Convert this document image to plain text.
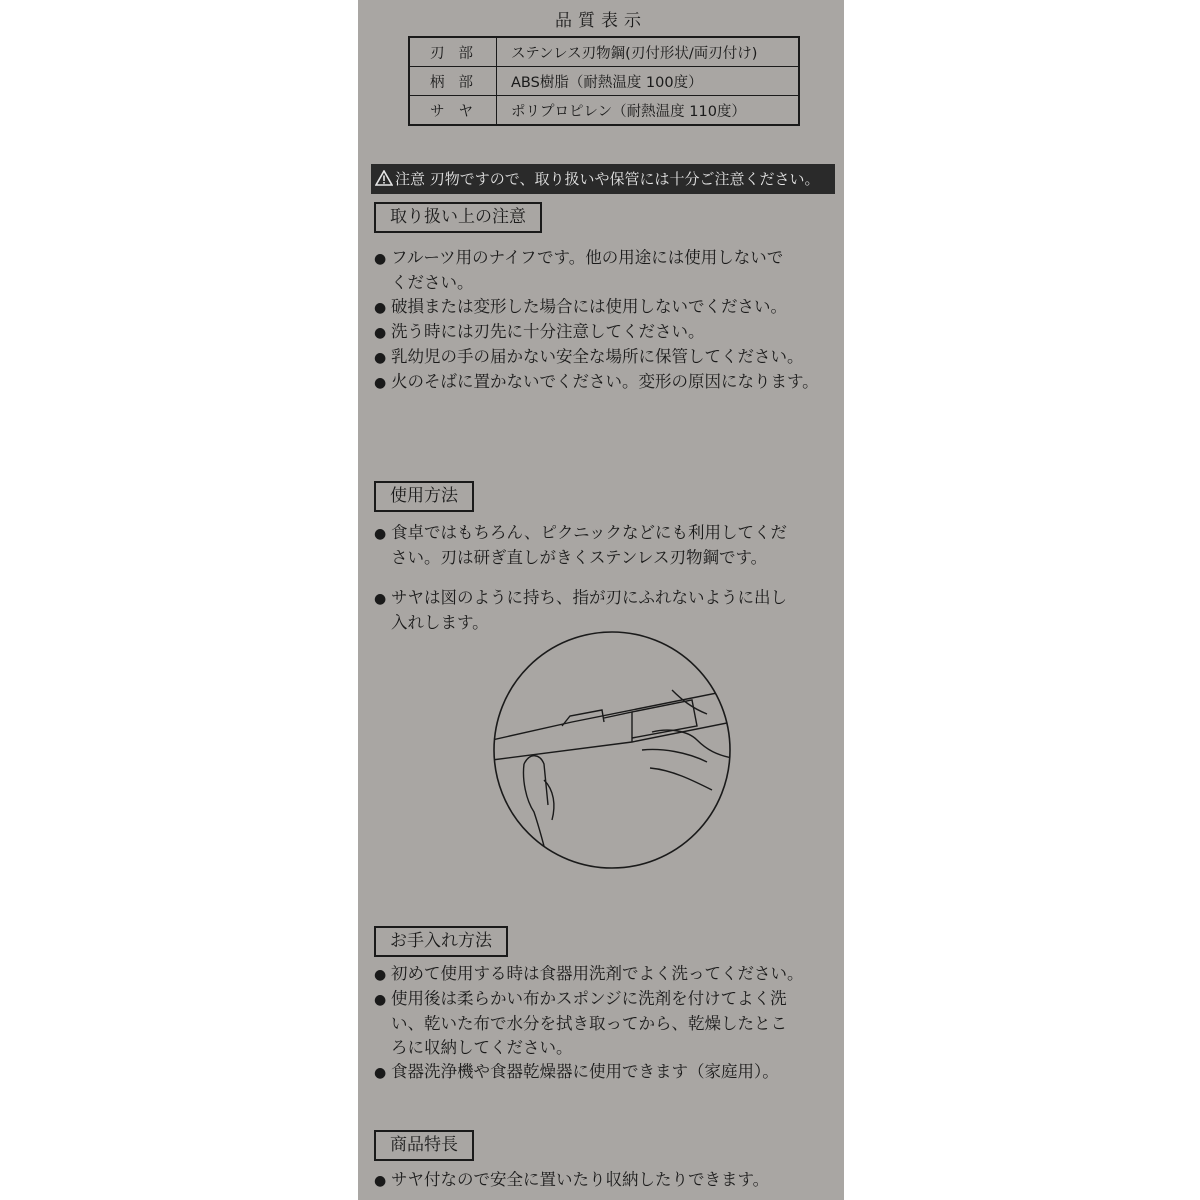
品質表示
刃部	ステンレス刃物鋼(刃付形状/両刃付け)
柄部	ABS樹脂（耐熱温度 100度）
サヤ	ポリプロピレン（耐熱温度 110度）
注意 刃物ですので、取り扱いや保管には十分ご注意ください。
取り扱い上の注意
● フルーツ用のナイフです。他の用途には使用しないで
ください。
● 破損または変形した場合には使用しないでください。
● 洗う時には刃先に十分注意してください。
● 乳幼児の手の届かない安全な場所に保管してください。
● 火のそばに置かないでください。変形の原因になります。
使用方法
● 食卓ではもちろん、ピクニックなどにも利用してくだ
さい。刃は研ぎ直しがきくステンレス刃物鋼です。
● サヤは図のように持ち、指が刃にふれないように出し
入れします。
お手入れ方法
● 初めて使用する時は食器用洗剤でよく洗ってください。
● 使用後は柔らかい布かスポンジに洗剤を付けてよく洗
い、乾いた布で水分を拭き取ってから、乾燥したとこ
ろに収納してください。
● 食器洗浄機や食器乾燥器に使用できます（家庭用）。
商品特長
● サヤ付なので安全に置いたり収納したりできます。
